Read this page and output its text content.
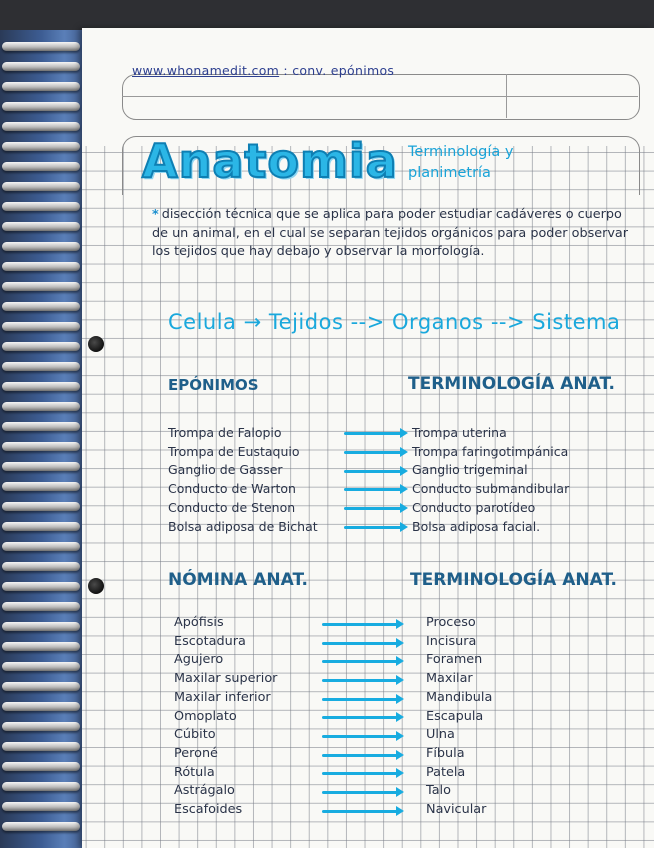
www.whonamedit.com : conv. epónimos
Anatomia Terminología y planimetría
* disección técnica que se aplica para poder estudiar cadáveres o cuerpo de un animal, en el cual se separan tejidos orgánicos para poder observar los tejidos que hay debajo y observar la morfología.
Celula → Tejidos --> Organos --> Sistema
EPÓNIMOS	TERMINOLOGÍA ANAT.
Trompa de Falopio
Trompa de Eustaquio
Ganglio de Gasser
Conducto de Warton
Conducto de Stenon
Bolsa adiposa de Bichat
Trompa uterina
Trompa faringotimpánica
Ganglio trigeminal
Conducto submandibular
Conducto parotídeo
Bolsa adiposa facial.
NÓMINA ANAT.	TERMINOLOGÍA ANAT.
Apófisis
Escotadura
Agujero
Maxilar superior
Maxilar inferior
Omoplato
Cúbito
Peroné
Rótula
Astrágalo
Escafoides
Proceso
Incisura
Foramen
Maxilar
Mandibula
Escapula
Ulna
Fíbula
Patela
Talo
Navicular
